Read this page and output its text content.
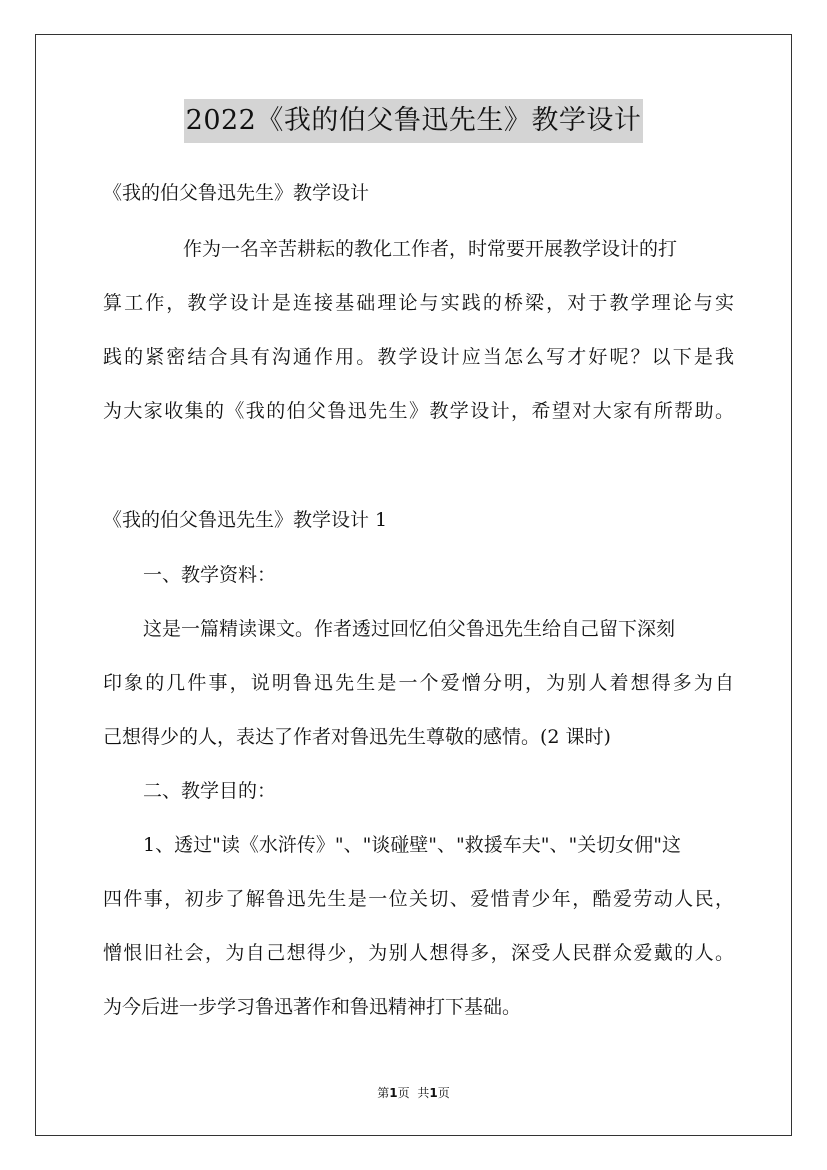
2022《我的伯父鲁迅先生》教学设计
《我的伯父鲁迅先生》教学设计
作为一名辛苦耕耘的教化工作者，时常要开展教学设计的打
算工作，教学设计是连接基础理论与实践的桥梁，对于教学理论与实
践的紧密结合具有沟通作用。教学设计应当怎么写才好呢？以下是我
为大家收集的《我的伯父鲁迅先生》教学设计，希望对大家有所帮助。
《我的伯父鲁迅先生》教学设计 1
一、教学资料：
这是一篇精读课文。作者透过回忆伯父鲁迅先生给自己留下深刻
印象的几件事，说明鲁迅先生是一个爱憎分明，为别人着想得多为自
己想得少的人，表达了作者对鲁迅先生尊敬的感情。(2 课时)
二、教学目的：
1、透过"读《水浒传》"、"谈碰壁"、"救援车夫"、"关切女佣"这
四件事，初步了解鲁迅先生是一位关切、爱惜青少年，酷爱劳动人民，
憎恨旧社会，为自己想得少，为别人想得多，深受人民群众爱戴的人。
为今后进一步学习鲁迅著作和鲁迅精神打下基础。
第1页 共1页
